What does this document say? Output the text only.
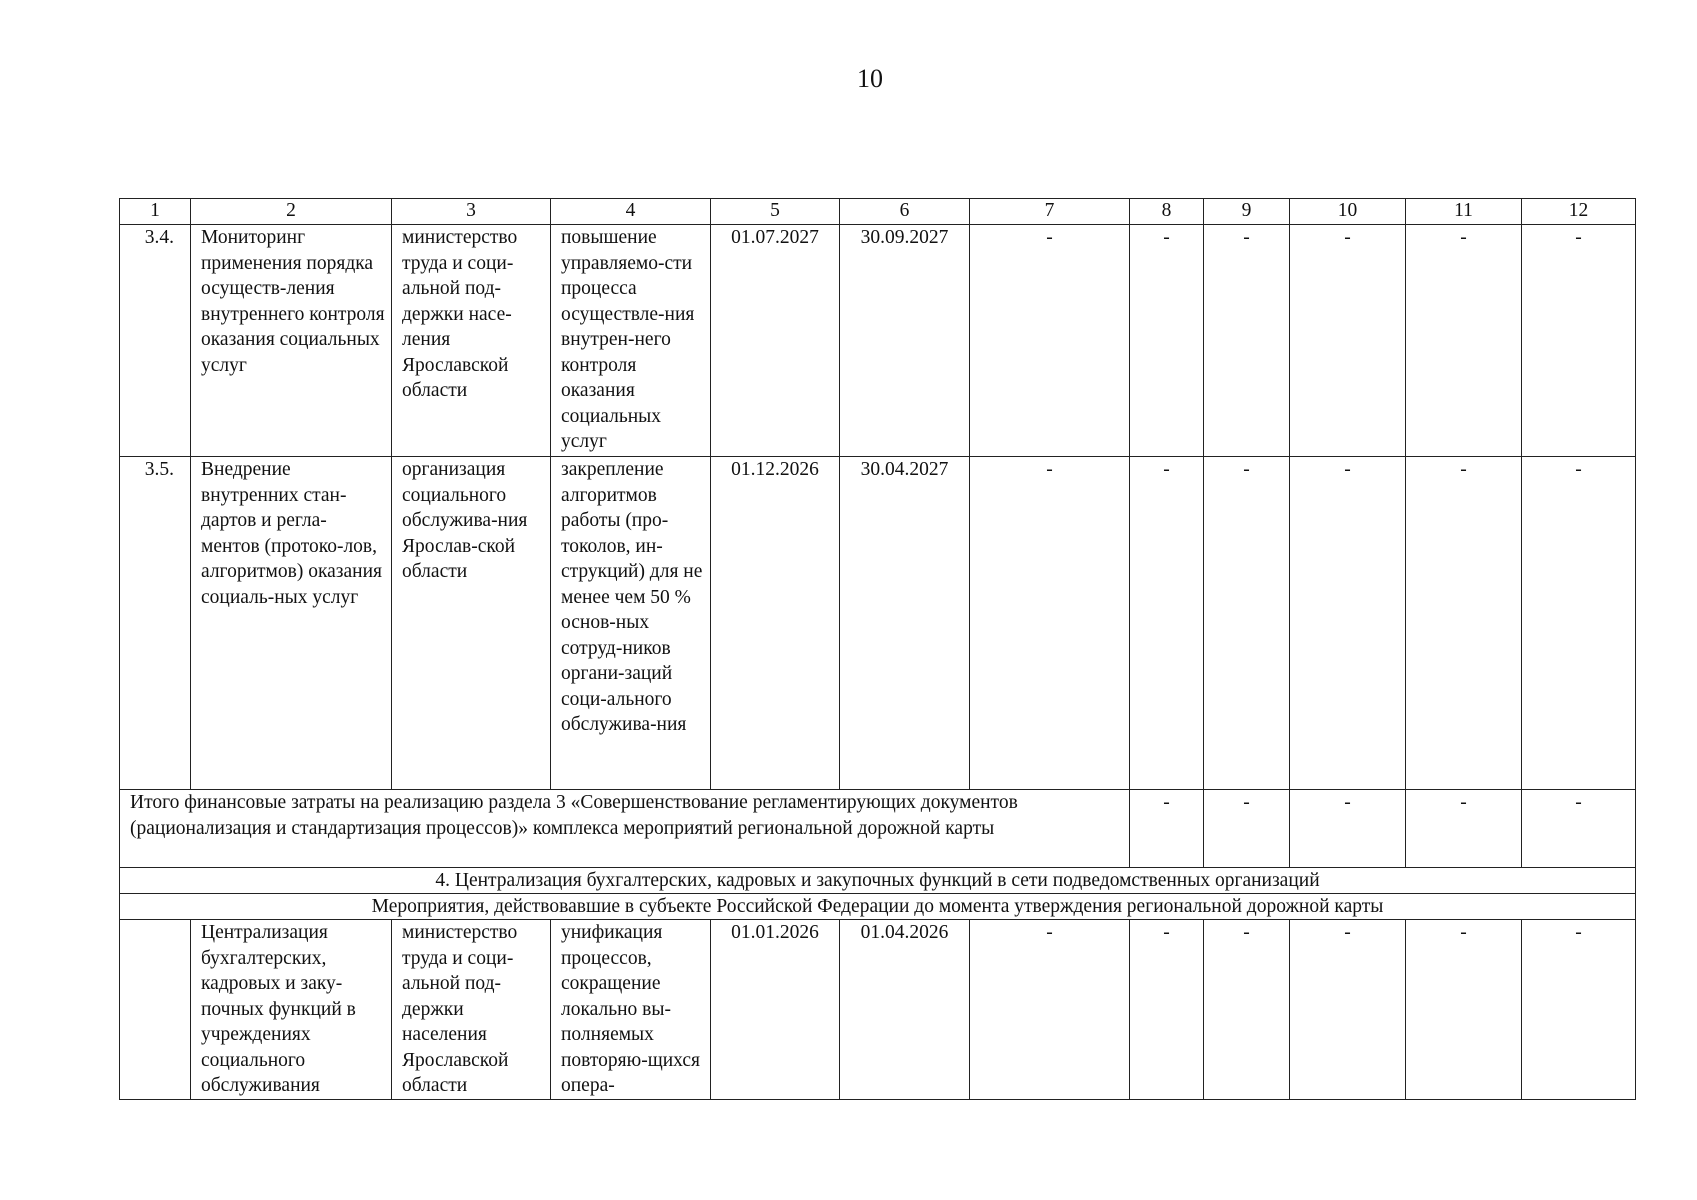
10
1	2	3	4	5	6	7	8	9	10	11	12
3.4.	Мониторинг применения порядка осуществ-ления внутреннего контроля оказания социальных услуг	министерство труда и соци-альной под-держки насе-ления Ярославской области	повышение управляемо-сти процесса осуществле-ния внутрен-него контроля оказания социальных услуг	01.07.2027	30.09.2027	-	-	-	-	-	-
3.5.	Внедрение внутренних стан-дартов и регла-ментов (протоко-лов, алгоритмов) оказания социаль-ных услуг	организация социального обслужива-ния Ярослав-ской области	закрепление алгоритмов работы (про-токолов, ин-струкций) для не менее чем 50 % основ-ных сотруд-ников органи-заций соци-ального обслужива-ния	01.12.2026	30.04.2027	-	-	-	-	-	-
Итого финансовые затраты на реализацию раздела 3 «Совершенствование регламентирующих документов (рационализация и стандартизация процессов)» комплекса мероприятий региональной дорожной карты							-	-	-	-	-
4. Централизация бухгалтерских, кадровых и закупочных функций в сети подведомственных организаций											
Мероприятия, действовавшие в субъекте Российской Федерации до момента утверждения региональной дорожной карты											
	Централизация бухгалтерских, кадровых и заку-почных функций в учреждениях социального обслуживания	министерство труда и соци-альной под-держки населения Ярославской области	унификация процессов, сокращение локально вы-полняемых повторяю-щихся опера-	01.01.2026	01.04.2026	-	-	-	-	-	-
